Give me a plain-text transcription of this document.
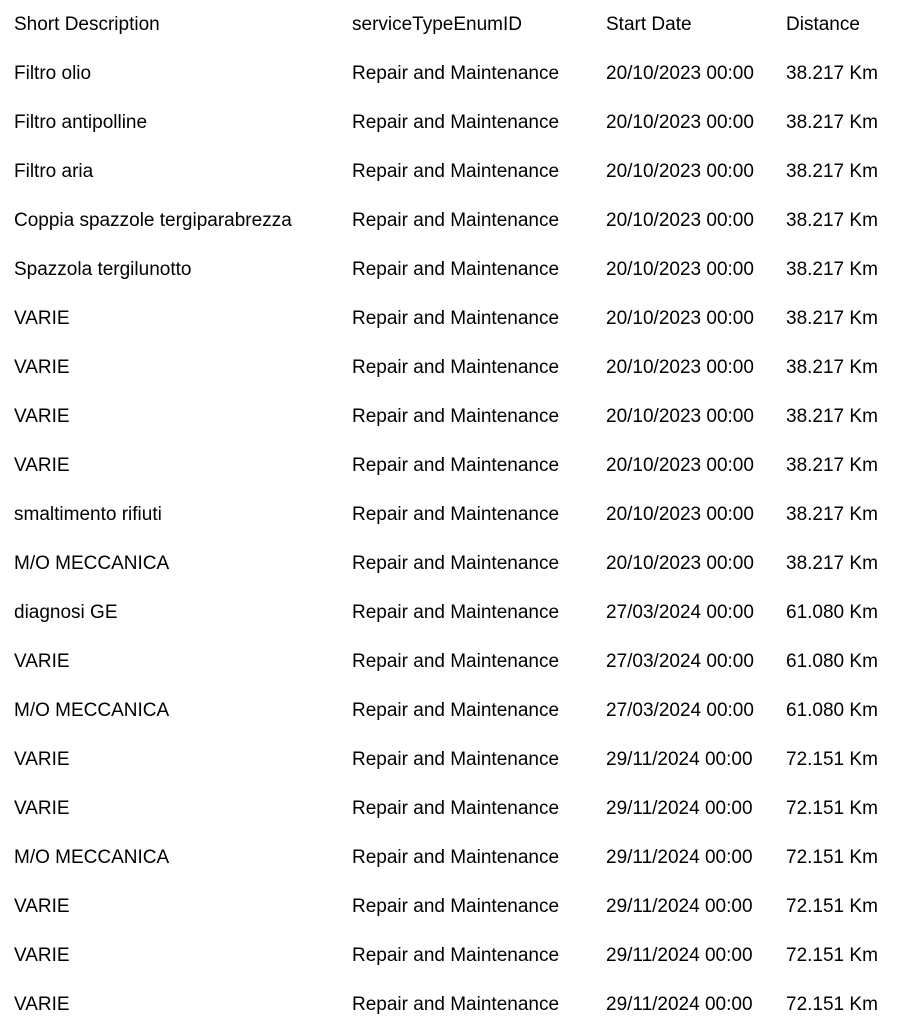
Short Description	serviceTypeEnumID	Start Date	Distance
Filtro olio	Repair and Maintenance 20/10/2023 00:00 38.217 Km
Filtro antipolline	Repair and Maintenance 20/10/2023 00:00 38.217 Km
Filtro aria	Repair and Maintenance 20/10/2023 00:00 38.217 Km
Coppia spazzole tergiparabrezza	Repair and Maintenance 20/10/2023 00:00 38.217 Km
Spazzola tergilunotto	Repair and Maintenance 20/10/2023 00:00 38.217 Km
VARIE	Repair and Maintenance 20/10/2023 00:00 38.217 Km
VARIE	Repair and Maintenance 20/10/2023 00:00 38.217 Km
VARIE	Repair and Maintenance 20/10/2023 00:00 38.217 Km
VARIE	Repair and Maintenance 20/10/2023 00:00 38.217 Km
smaltimento rifiuti	Repair and Maintenance 20/10/2023 00:00 38.217 Km
M/O MECCANICA	Repair and Maintenance 20/10/2023 00:00 38.217 Km
diagnosi GE	Repair and Maintenance 27/03/2024 00:00 61.080 Km
VARIE	Repair and Maintenance 27/03/2024 00:00 61.080 Km
M/O MECCANICA	Repair and Maintenance 27/03/2024 00:00 61.080 Km
VARIE	Repair and Maintenance 29/11/2024 00:00 72.151 Km
VARIE	Repair and Maintenance 29/11/2024 00:00 72.151 Km
M/O MECCANICA	Repair and Maintenance 29/11/2024 00:00 72.151 Km
VARIE	Repair and Maintenance 29/11/2024 00:00 72.151 Km
VARIE	Repair and Maintenance 29/11/2024 00:00 72.151 Km
VARIE	Repair and Maintenance 29/11/2024 00:00 72.151 Km
